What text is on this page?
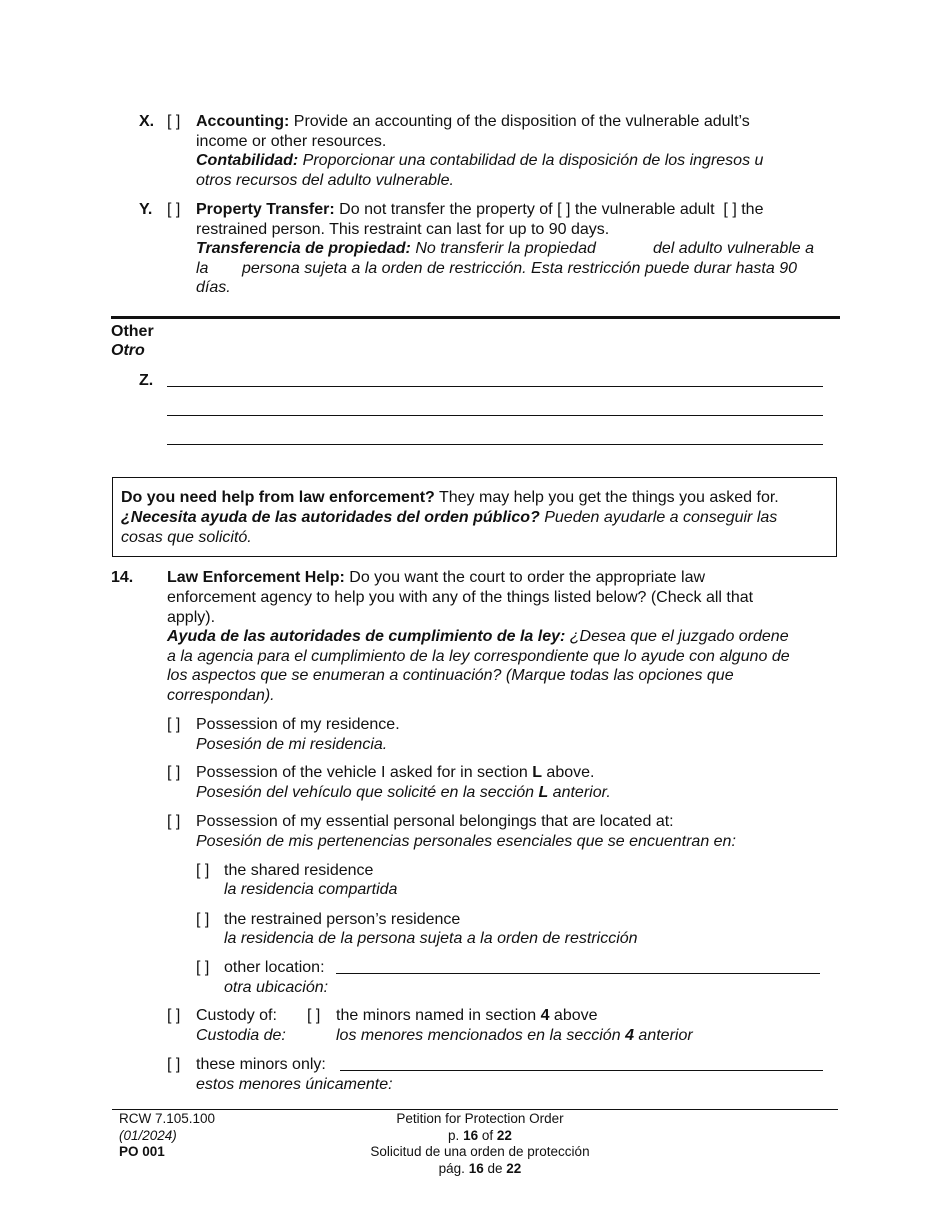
X. [ ] Accounting: Provide an accounting of the disposition of the vulnerable adult’s

income or other resources.

Contabilidad: Proporcionar una contabilidad de la disposición de los ingresos u

otros recursos del adulto vulnerable.

Y. [ ] Property Transfer: Do not transfer the property of [ ] the vulnerable adult [ ] the

restrained person. This restraint can last for up to 90 days.

Transferencia de propiedad: No transferir la propiedad	del adulto vulnerable a

la persona sujeta a la orden de restricción. Esta restricción puede durar hasta 90

días.

Other

Otro

Z.

Do you need help from law enforcement? They may help you get the things you asked for.

¿Necesita ayuda de las autoridades del orden público? Pueden ayudarle a conseguir las

cosas que solicitó.

14. Law Enforcement Help: Do you want the court to order the appropriate law

enforcement agency to help you with any of the things listed below? (Check all that

apply).

Ayuda de las autoridades de cumplimiento de la ley: ¿Desea que el juzgado ordene

a la agencia para el cumplimiento de la ley correspondiente que lo ayude con alguno de

los aspectos que se enumeran a continuación? (Marque todas las opciones que

correspondan).

[ ] Possession of my residence.

Posesión de mi residencia.

[ ] Possession of the vehicle I asked for in section L above.

Posesión del vehículo que solicité en la sección L anterior.

[ ] Possession of my essential personal belongings that are located at:

Posesión de mis pertenencias personales esenciales que se encuentran en:

[ ] the shared residence

la residencia compartida

[ ] the restrained person’s residence

la residencia de la persona sujeta a la orden de restricción

[ ] other location:

otra ubicación:

[ ] Custody of: [ ] the minors named in section 4 above

Custodia de:	los menores mencionados en la sección 4 anterior

[ ] these minors only:

estos menores únicamente:

RCW 7.105.100
(01/2024)
PO 001
Petition for Protection Order
p. 16 of 22
Solicitud de una orden de protección
pág. 16 de 22
